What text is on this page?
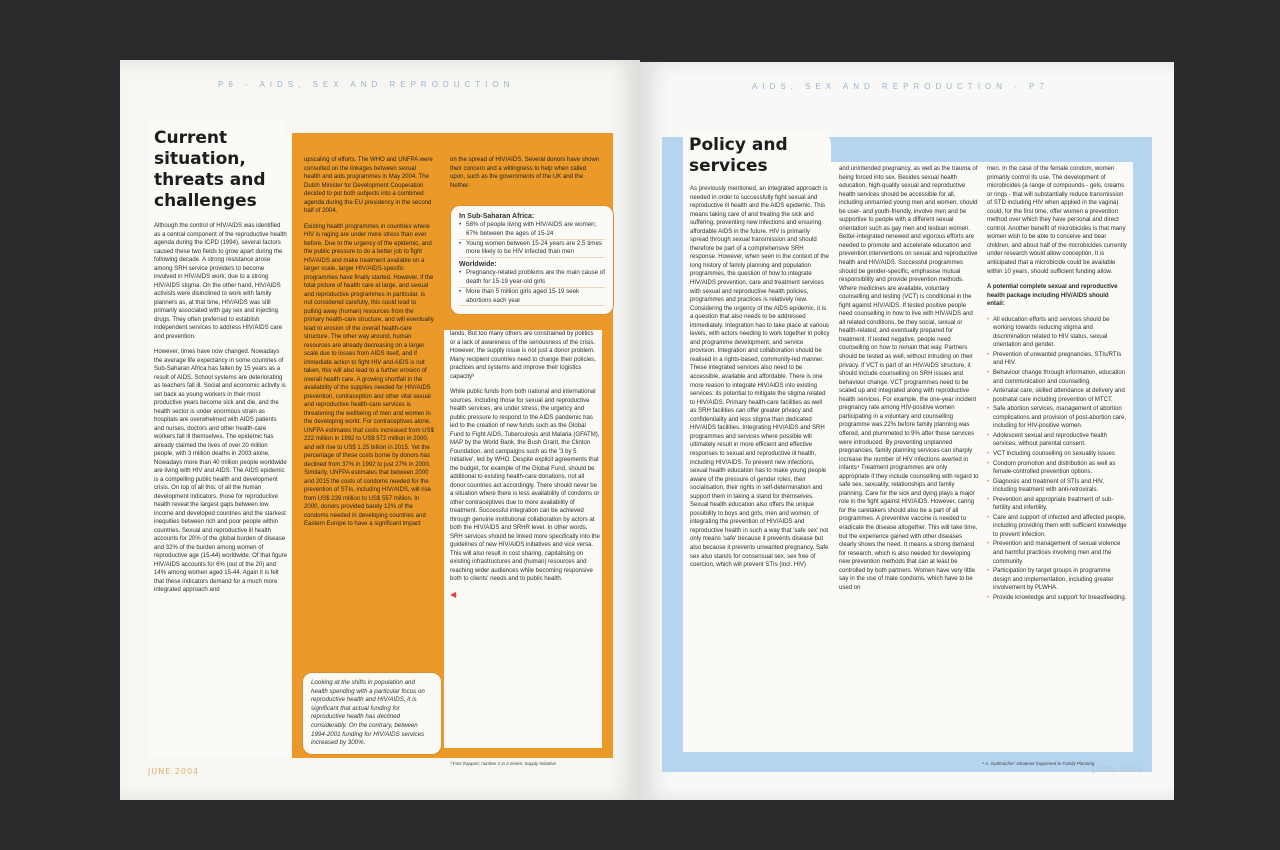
P6 - AIDS, SEX AND REPRODUCTION
Current
situation,
threats and
challenges

Although the control of HIV/AIDS was identified as a central component of the reproductive health agenda during the ICPD (1994), several factors caused these two fields to grow apart during the following decade. A strong resistance arose among SRH service providers to become involved in HIV/AIDS work, due to a strong HIV/AIDS stigma. On the other hand, HIV/AIDS activists were disinclined to work with family planners as, at that time, HIV/AIDS was still primarily associated with gay sex and injecting drugs. They often preferred to establish independent services to address HIV/AIDS care and prevention.

However, times have now changed. Nowadays the average life expectancy in some countries of Sub-Saharan Africa has fallen by 15 years as a result of AIDS. School systems are deteriorating as teachers fall ill. Social and economic activity is set back as young workers in their most productive years become sick and die, and the health sector is under enormous strain as hospitals are overwhelmed with AIDS patients and nurses, doctors and other health-care workers fall ill themselves. The epidemic has already claimed the lives of over 20 million people, with 3 million deaths in 2003 alone. Nowadays more than 40 million people worldwide are living with HIV and AIDS. The AIDS epidemic is a compelling public health and development crisis. On top of all this: of all the human development indicators, those for reproductive health reveal the largest gaps between low income and developed countries and the starkest inequities between rich and poor people within countries. Sexual and reproductive ill health accounts for 20% of the global burden of disease and 32% of the burden among women of reproductive age (15-44) worldwide. Of that figure HIV/AIDS accounts for 6% (out of the 20) and 14% among women aged 15-44. Again it is felt that these indicators demand for a much more integrated approach and

upscaling of efforts. The WHO and UNFPA were consulted on the linkages between sexual health and aids programmes in May 2004. The Dutch Minister for Development Cooperation decided to put both subjects into a combined agenda during the EU presidency in the second half of 2004.

Existing health programmes in countries where HIV is raging are under more stress than ever before. Due to the urgency of the epidemic, and the public pressure to do a better job to fight HIV/AIDS and make treatment available on a larger scale, larger HIV/AIDS-specific programmes have finally started. However, if the total picture of health care at large, and sexual and reproductive programmes in particular, is not considered carefully, this could lead to pulling away (human) resources from the primary health-care structure, and will eventually lead to erosion of the overall health-care structure. The other way around, human resources are already decreasing on a larger scale due to losses from AIDS itself, and if immediate action to fight HIV and AIDS is not taken, this will also lead to a further erosion of overall health care. A growing shortfall in the availability of the supplies needed for HIV/AIDS prevention, contraception and other vital sexual and reproductive health-care services is threatening the wellbeing of men and women in the developing world. For contraceptives alone, UNFPA estimates that costs increased from US$ 222 million in 1992 to US$ 572 million in 2000, and will rise to US$ 1.25 billion in 2015. Yet the percentage of these costs borne by donors has declined from 37% in 1992 to just 27% in 2000. Similarly, UNFPA estimates that between 2000 and 2015 the costs of condoms needed for the prevention of STIs, including HIV/AIDS, will rise from US$ 239 million to US$ 557 million. In 2000, donors provided barely 12% of the condoms needed in developing countries and Eastern Europe to have a significant impact

on the spread of HIV/AIDS. Several donors have shown their concern and a willingness to help when called upon, such as the governments of the UK and the Nether-

In Sub-Saharan Africa:
• 58% of people living with HIV/AIDS are women; 67% between the ages of 15-24
• Young women between 15-24 years are 2.5 times more likely to be HIV infected than men
Worldwide:
• Pregnancy-related problems are the main cause of death for 15-19 year-old girls
• More than 5 million girls aged 15-19 seek abortions each year

lands. But too many others are constrained by politics or a lack of awareness of the seriousness of the crisis. However, the supply issue is not just a donor problem. Many recipient countries need to change their policies, practices and systems and improve their logistics capacity³

While public funds from both national and international sources, including those for sexual and reproductive health services, are under stress, the urgency and public pressure to respond to the AIDS pandemic has led to the creation of new funds such as the Global Fund to Fight AIDS, Tuberculosis and Malaria (GFATM), MAP by the World Bank, the Bush Grant, the Clinton Foundation, and campaigns such as the '3 by 5 Initiative', led by WHO. Despite explicit agreements that the budget, for example of the Global Fund, should be additional to existing health-care donations, not all donor countries act accordingly. There should never be a situation where there is less availability of condoms or other contraceptives due to more availability of treatment. Successful integration can be achieved through genuine institutional collaboration by actors at both the HIV/AIDS and SRHR level. In other words, SRH services should be linked more specifically into the guidelines of new HIV/AIDS initiatives and vice versa. This will also result in cost sharing, capitalising on existing infrastructures and (human) resources and reaching wider audiences while becoming responsive both to clients' needs and to public health.

◀
Looking at the shifts in population and health spending with a particular focus on reproductive health and HIV/AIDS, it is significant that actual funding for reproductive health has declined considerably. On the contrary, between 1994-2001 funding for HIV/AIDS services increased by 300%.
³ Fact Rapport, number 2 in a series: Supply Initiative
JUNE 2004
AIDS, SEX AND REPRODUCTION - P7
Policy and
services

As previously mentioned, an integrated approach is needed in order to successfully fight sexual and reproductive ill health and the AIDS epidemic. This means taking care of and treating the sick and suffering, preventing new infections and ensuring affordable AIDS in the future. HIV is primarily spread through sexual transmission and should therefore be part of a comprehensive SRH response. However, when seen in the context of the long history of family planning and population programmes, the question of how to integrate HIV/AIDS prevention, care and treatment services with sexual and reproductive health policies, programmes and practices is relatively new. Considering the urgency of the AIDS epidemic, it is a question that also needs to be addressed immediately. Integration has to take place at various levels, with actors needing to work together in policy and programme development, and service provision. Integration and collaboration should be realised in a rights-based, community-led manner. These integrated services also need to be accessible, available and affordable. There is one more reason to integrate HIV/AIDS into existing services: its potential to mitigate the stigma related to HIV/AIDS. Primary health-care facilities as well as SRH facilities can offer greater privacy and confidentiality and less stigma than dedicated HIV/AIDS facilities. Integrating HIV/AIDS and SRH programmes and services where possible will ultimately result in more efficient and effective responses to sexual and reproductive ill health, including HIV/AIDS. To prevent new infections, sexual health education has to make young people aware of the pressure of gender roles, their socialisation, their rights in self-determination and support them in taking a stand for themselves. Sexual health education also offers the unique possibility to boys and girls, men and women, of integrating the prevention of HIV/AIDS and reproductive health in such a way that 'safe sex' not only means 'safe' because it prevents disease but also because it prevents unwanted pregnancy. Safe sex also stands for consensual sex, sex free of coercion, which will prevent STIs (incl. HIV)

and unintended pregnancy, as well as the trauma of being forced into sex. Besides sexual health education, high-quality sexual and reproductive health services should be accessible for all, including unmarried young men and women, should be user- and youth-friendly, involve men and be supportive to people with a different sexual orientation such as gay men and lesbian women. Better-integrated renewed and vigorous efforts are needed to promote and accelerate education and prevention interventions on sexual and reproductive health and HIV/AIDS. Successful programmes should be gender-specific, emphasise mutual responsibility and provide prevention methods. Where medicines are available, voluntary counselling and testing (VCT) is conditional in the fight against HIV/AIDS. If tested positive people need counselling in how to live with HIV/AIDS and all related conditions, be they social, sexual or health-related, and eventually prepared for treatment. If tested negative, people need counselling on how to remain that way. Partners should be tested as well, without intruding on their privacy. If VCT is part of an HIV/AIDS structure, it should include counselling on SRH issues and behaviour change. VCT programmes need to be scaled up and integrated along with reproductive health services. For example, the one-year incident pregnancy rate among HIV-positive women participating in a voluntary and counselling programme was 22% before family planning was offered, and plummeted to 9% after these services were introduced. By preventing unplanned pregnancies, family planning services can sharply increase the number of HIV infections averted in infants⁴ Treatment programmes are only appropriate if they include counselling with regard to safe sex, sexuality, relationships and family planning. Care for the sick and dying plays a major role in the fight against HIV/AIDS. However, caring for the caretakers should also be a part of all programmes. A preventive vaccine is needed to eradicate the disease altogether. This will take time, but the experience gained with other diseases clearly shows the need. It means a strong demand for research, which is also needed for developing new prevention methods that can at least be controlled by both partners. Women have very little say in the use of male condoms, which have to be used on

men. In the case of the female condom, women primarily control its use. The development of microbicides (a range of compounds - gels, creams or rings - that will substantially reduce transmission of STD including HIV when applied in the vagina) could, for the first time, offer women a prevention method over which they have personal and direct control. Another benefit of microbicides is that many women wish to be able to conceive and bear children, and about half of the microbicides currently under research would allow conception. It is anticipated that a microbicide could be available within 10 years, should sufficient funding allow.

A potential complete sexual and reproductive health package including HIV/AIDS should entail:

• All education efforts and services should be working towards reducing stigma and discrimination related to HIV status, sexual orientation and gender.
• Prevention of unwanted pregnancies, STIs/RTIs and HIV.
• Behaviour change through information, education and communication and counselling.
• Antenatal care, skilled attendance at delivery and postnatal care including prevention of MTCT.
• Safe abortion services, management of abortion complications and provision of post-abortion care, including for HIV-positive women.
• Adolescent sexual and reproductive health services, without parental consent.
• VCT including counselling on sexuality issues
• Condom promotion and distribution as well as female-controlled prevention options.
• Diagnosis and treatment of STIs and HIV, including treatment with anti-retrovirals.
• Prevention and appropriate treatment of sub-fertility and infertility.
• Care and support of infected and affected people, including providing them with sufficient knowledge to prevent infection.
• Prevention and management of sexual violence and harmful practices involving men and the community
• Participation by target groups in programme design and implementation, including greater involvement by PLWHA.
• Provide knowledge and support for breastfeeding.
⁴ A. Guttmacher: whatever happened to Family Planning
JUNE 2004
